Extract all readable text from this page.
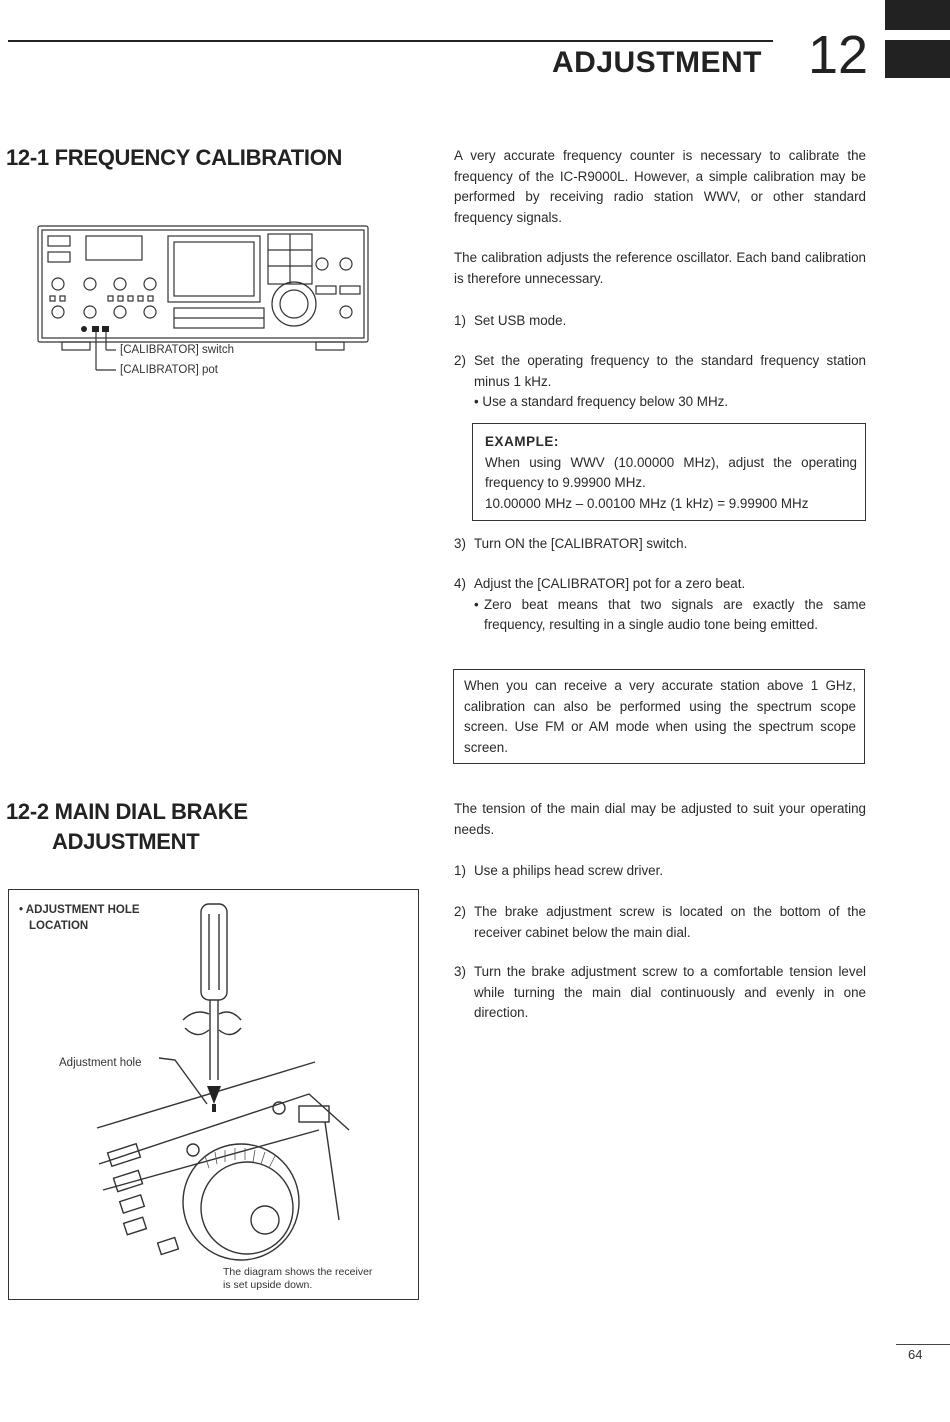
ADJUSTMENT 12
12-1 FREQUENCY CALIBRATION
[CALIBRATOR] switch
[CALIBRATOR] pot
A very accurate frequency counter is necessary to calibrate the frequency of the IC-R9000L. However, a simple calibration may be performed by receiving radio station WWV, or other standard frequency signals.
The calibration adjusts the reference oscillator. Each band calibration is therefore unnecessary.
1) Set USB mode.
2) Set the operating frequency to the standard frequency station minus 1 kHz.
• Use a standard frequency below 30 MHz.
EXAMPLE:
When using WWV (10.00000 MHz), adjust the operating frequency to 9.99900 MHz.
10.00000 MHz – 0.00100 MHz (1 kHz) = 9.99900 MHz
3) Turn ON the [CALIBRATOR] switch.
4) Adjust the [CALIBRATOR] pot for a zero beat.
• Zero beat means that two signals are exactly the same frequency, resulting in a single audio tone being emitted.
When you can receive a very accurate station above 1 GHz, calibration can also be performed using the spectrum scope screen. Use FM or AM mode when using the spectrum scope screen.
12-2 MAIN DIAL BRAKE
ADJUSTMENT
• ADJUSTMENT HOLE
LOCATION
Adjustment hole
The diagram shows the receiver
is set upside down.
The tension of the main dial may be adjusted to suit your operating needs.
1) Use a philips head screw driver.
2) The brake adjustment screw is located on the bottom of the receiver cabinet below the main dial.
3) Turn the brake adjustment screw to a comfortable tension level while turning the main dial continuously and evenly in one direction.
64
